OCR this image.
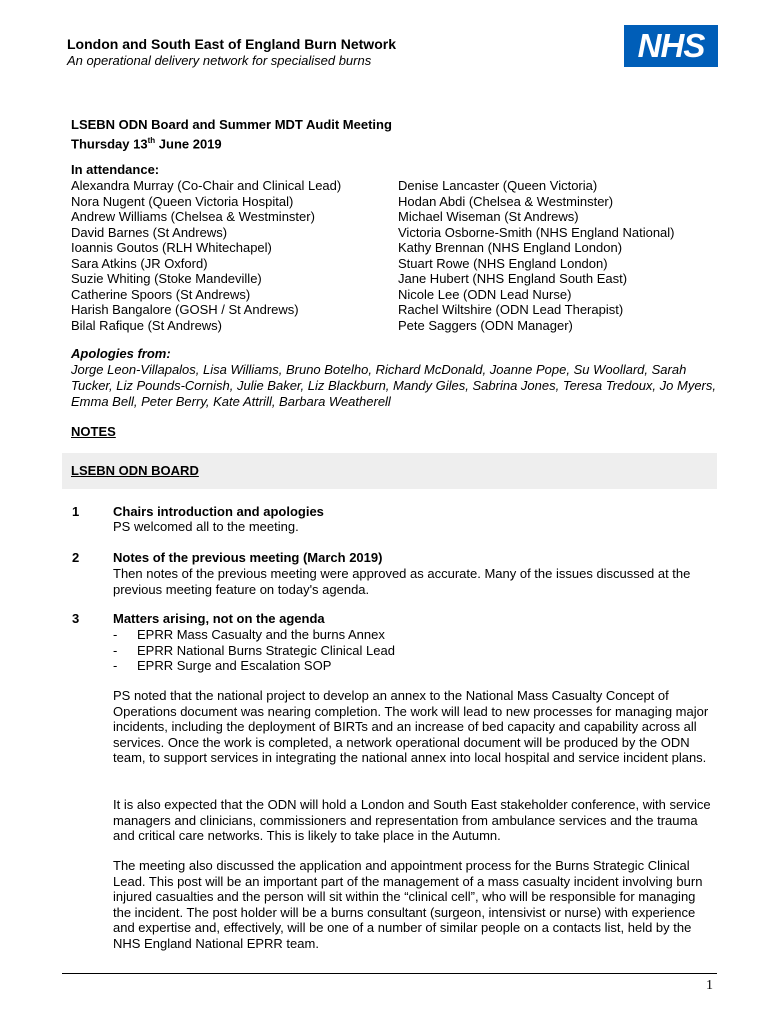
London and South East of England Burn Network
An operational delivery network for specialised burns	NHS
LSEBN ODN Board and Summer MDT Audit Meeting
Thursday 13th June 2019
In attendance:
Alexandra Murray (Co-Chair and Clinical Lead)
Nora Nugent (Queen Victoria Hospital)
Andrew Williams (Chelsea & Westminster)
David Barnes (St Andrews)
Ioannis Goutos (RLH Whitechapel)
Sara Atkins (JR Oxford)
Suzie Whiting (Stoke Mandeville)
Catherine Spoors (St Andrews)
Harish Bangalore (GOSH / St Andrews)
Bilal Rafique (St Andrews)
Denise Lancaster (Queen Victoria)
Hodan Abdi (Chelsea & Westminster)
Michael Wiseman (St Andrews)
Victoria Osborne-Smith (NHS England National)
Kathy Brennan (NHS England London)
Stuart Rowe (NHS England London)
Jane Hubert (NHS England South East)
Nicole Lee (ODN Lead Nurse)
Rachel Wiltshire (ODN Lead Therapist)
Pete Saggers (ODN Manager)
Apologies from:
Jorge Leon-Villapalos, Lisa Williams, Bruno Botelho, Richard McDonald, Joanne Pope, Su Woollard, Sarah Tucker, Liz Pounds-Cornish, Julie Baker, Liz Blackburn, Mandy Giles, Sabrina Jones, Teresa Tredoux, Jo Myers, Emma Bell, Peter Berry, Kate Attrill, Barbara Weatherell
NOTES
LSEBN ODN BOARD
1	Chairs introduction and apologies
PS welcomed all to the meeting.
2	Notes of the previous meeting (March 2019)
Then notes of the previous meeting were approved as accurate. Many of the issues discussed at the previous meeting feature on today's agenda.
3	Matters arising, not on the agenda
- EPRR Mass Casualty and the burns Annex
- EPRR National Burns Strategic Clinical Lead
- EPRR Surge and Escalation SOP
PS noted that the national project to develop an annex to the National Mass Casualty Concept of Operations document was nearing completion. The work will lead to new processes for managing major incidents, including the deployment of BIRTs and an increase of bed capacity and capability across all services. Once the work is completed, a network operational document will be produced by the ODN team, to support services in integrating the national annex into local hospital and service incident plans.
It is also expected that the ODN will hold a London and South East stakeholder conference, with service managers and clinicians, commissioners and representation from ambulance services and the trauma and critical care networks. This is likely to take place in the Autumn.
The meeting also discussed the application and appointment process for the Burns Strategic Clinical Lead. This post will be an important part of the management of a mass casualty incident involving burn injured casualties and the person will sit within the “clinical cell”, who will be responsible for managing the incident. The post holder will be a burns consultant (surgeon, intensivist or nurse) with experience and expertise and, effectively, will be one of a number of similar people on a contacts list, held by the NHS England National EPRR team.
1
